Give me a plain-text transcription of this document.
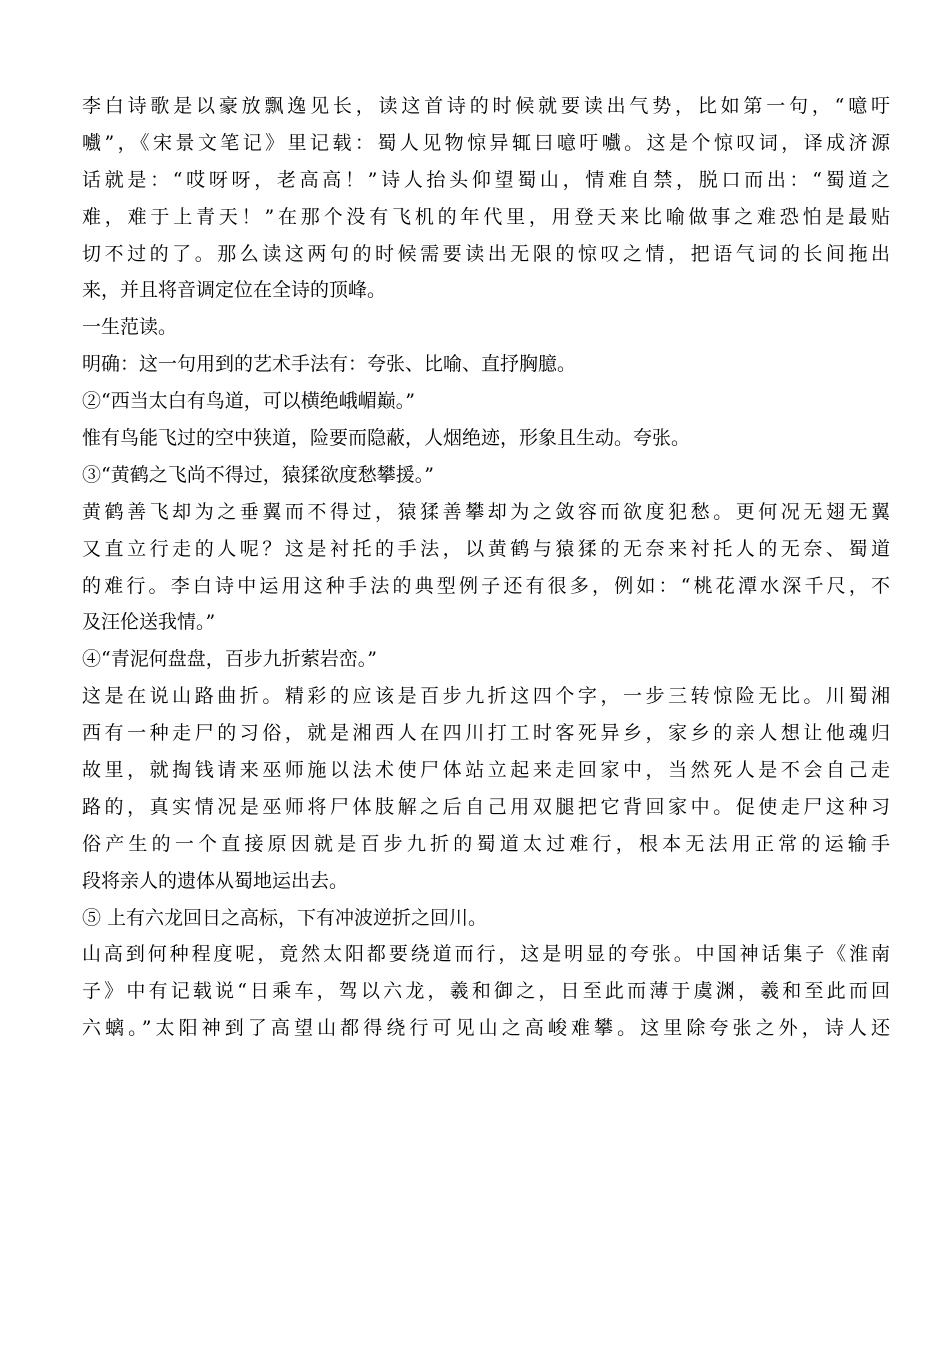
李白诗歌是以豪放飘逸见长，读这首诗的时候就要读出气势，比如第一句，“噫吁
嚱”，《宋景文笔记》里记载：蜀人见物惊异辄曰噫吁嚱。这是个惊叹词，译成济源
话就是：“哎呀呀，老高高！”诗人抬头仰望蜀山，情难自禁，脱口而出：“蜀道之
难，难于上青天！”在那个没有飞机的年代里，用登天来比喻做事之难恐怕是最贴
切不过的了。那么读这两句的时候需要读出无限的惊叹之情，把语气词的长间拖出
来，并且将音调定位在全诗的顶峰。
一生范读。
明确：这一句用到的艺术手法有：夸张、比喻、直抒胸臆。
②“西当太白有鸟道，可以横绝峨嵋巅。”
惟有鸟能飞过的空中狭道，险要而隐蔽，人烟绝迹，形象且生动。夸张。
③“黄鹤之飞尚不得过，猿猱欲度愁攀援。”
黄鹤善飞却为之垂翼而不得过，猿猱善攀却为之敛容而欲度犯愁。更何况无翅无翼
又直立行走的人呢？这是衬托的手法，以黄鹤与猿猱的无奈来衬托人的无奈、蜀道
的难行。李白诗中运用这种手法的典型例子还有很多，例如：“桃花潭水深千尺，不
及汪伦送我情。”
④“青泥何盘盘，百步九折萦岩峦。”
这是在说山路曲折。精彩的应该是百步九折这四个字，一步三转惊险无比。川蜀湘
西有一种走尸的习俗，就是湘西人在四川打工时客死异乡，家乡的亲人想让他魂归
故里，就掏钱请来巫师施以法术使尸体站立起来走回家中，当然死人是不会自己走
路的，真实情况是巫师将尸体肢解之后自己用双腿把它背回家中。促使走尸这种习
俗产生的一个直接原因就是百步九折的蜀道太过难行，根本无法用正常的运输手
段将亲人的遗体从蜀地运出去。
⑤ 上有六龙回日之高标，下有冲波逆折之回川。
山高到何种程度呢，竟然太阳都要绕道而行，这是明显的夸张。中国神话集子《淮南
子》中有记载说“日乘车，驾以六龙，羲和御之，日至此而薄于虞渊，羲和至此而回
六螭。”太阳神到了高望山都得绕行可见山之高峻难攀。这里除夸张之外，诗人还
